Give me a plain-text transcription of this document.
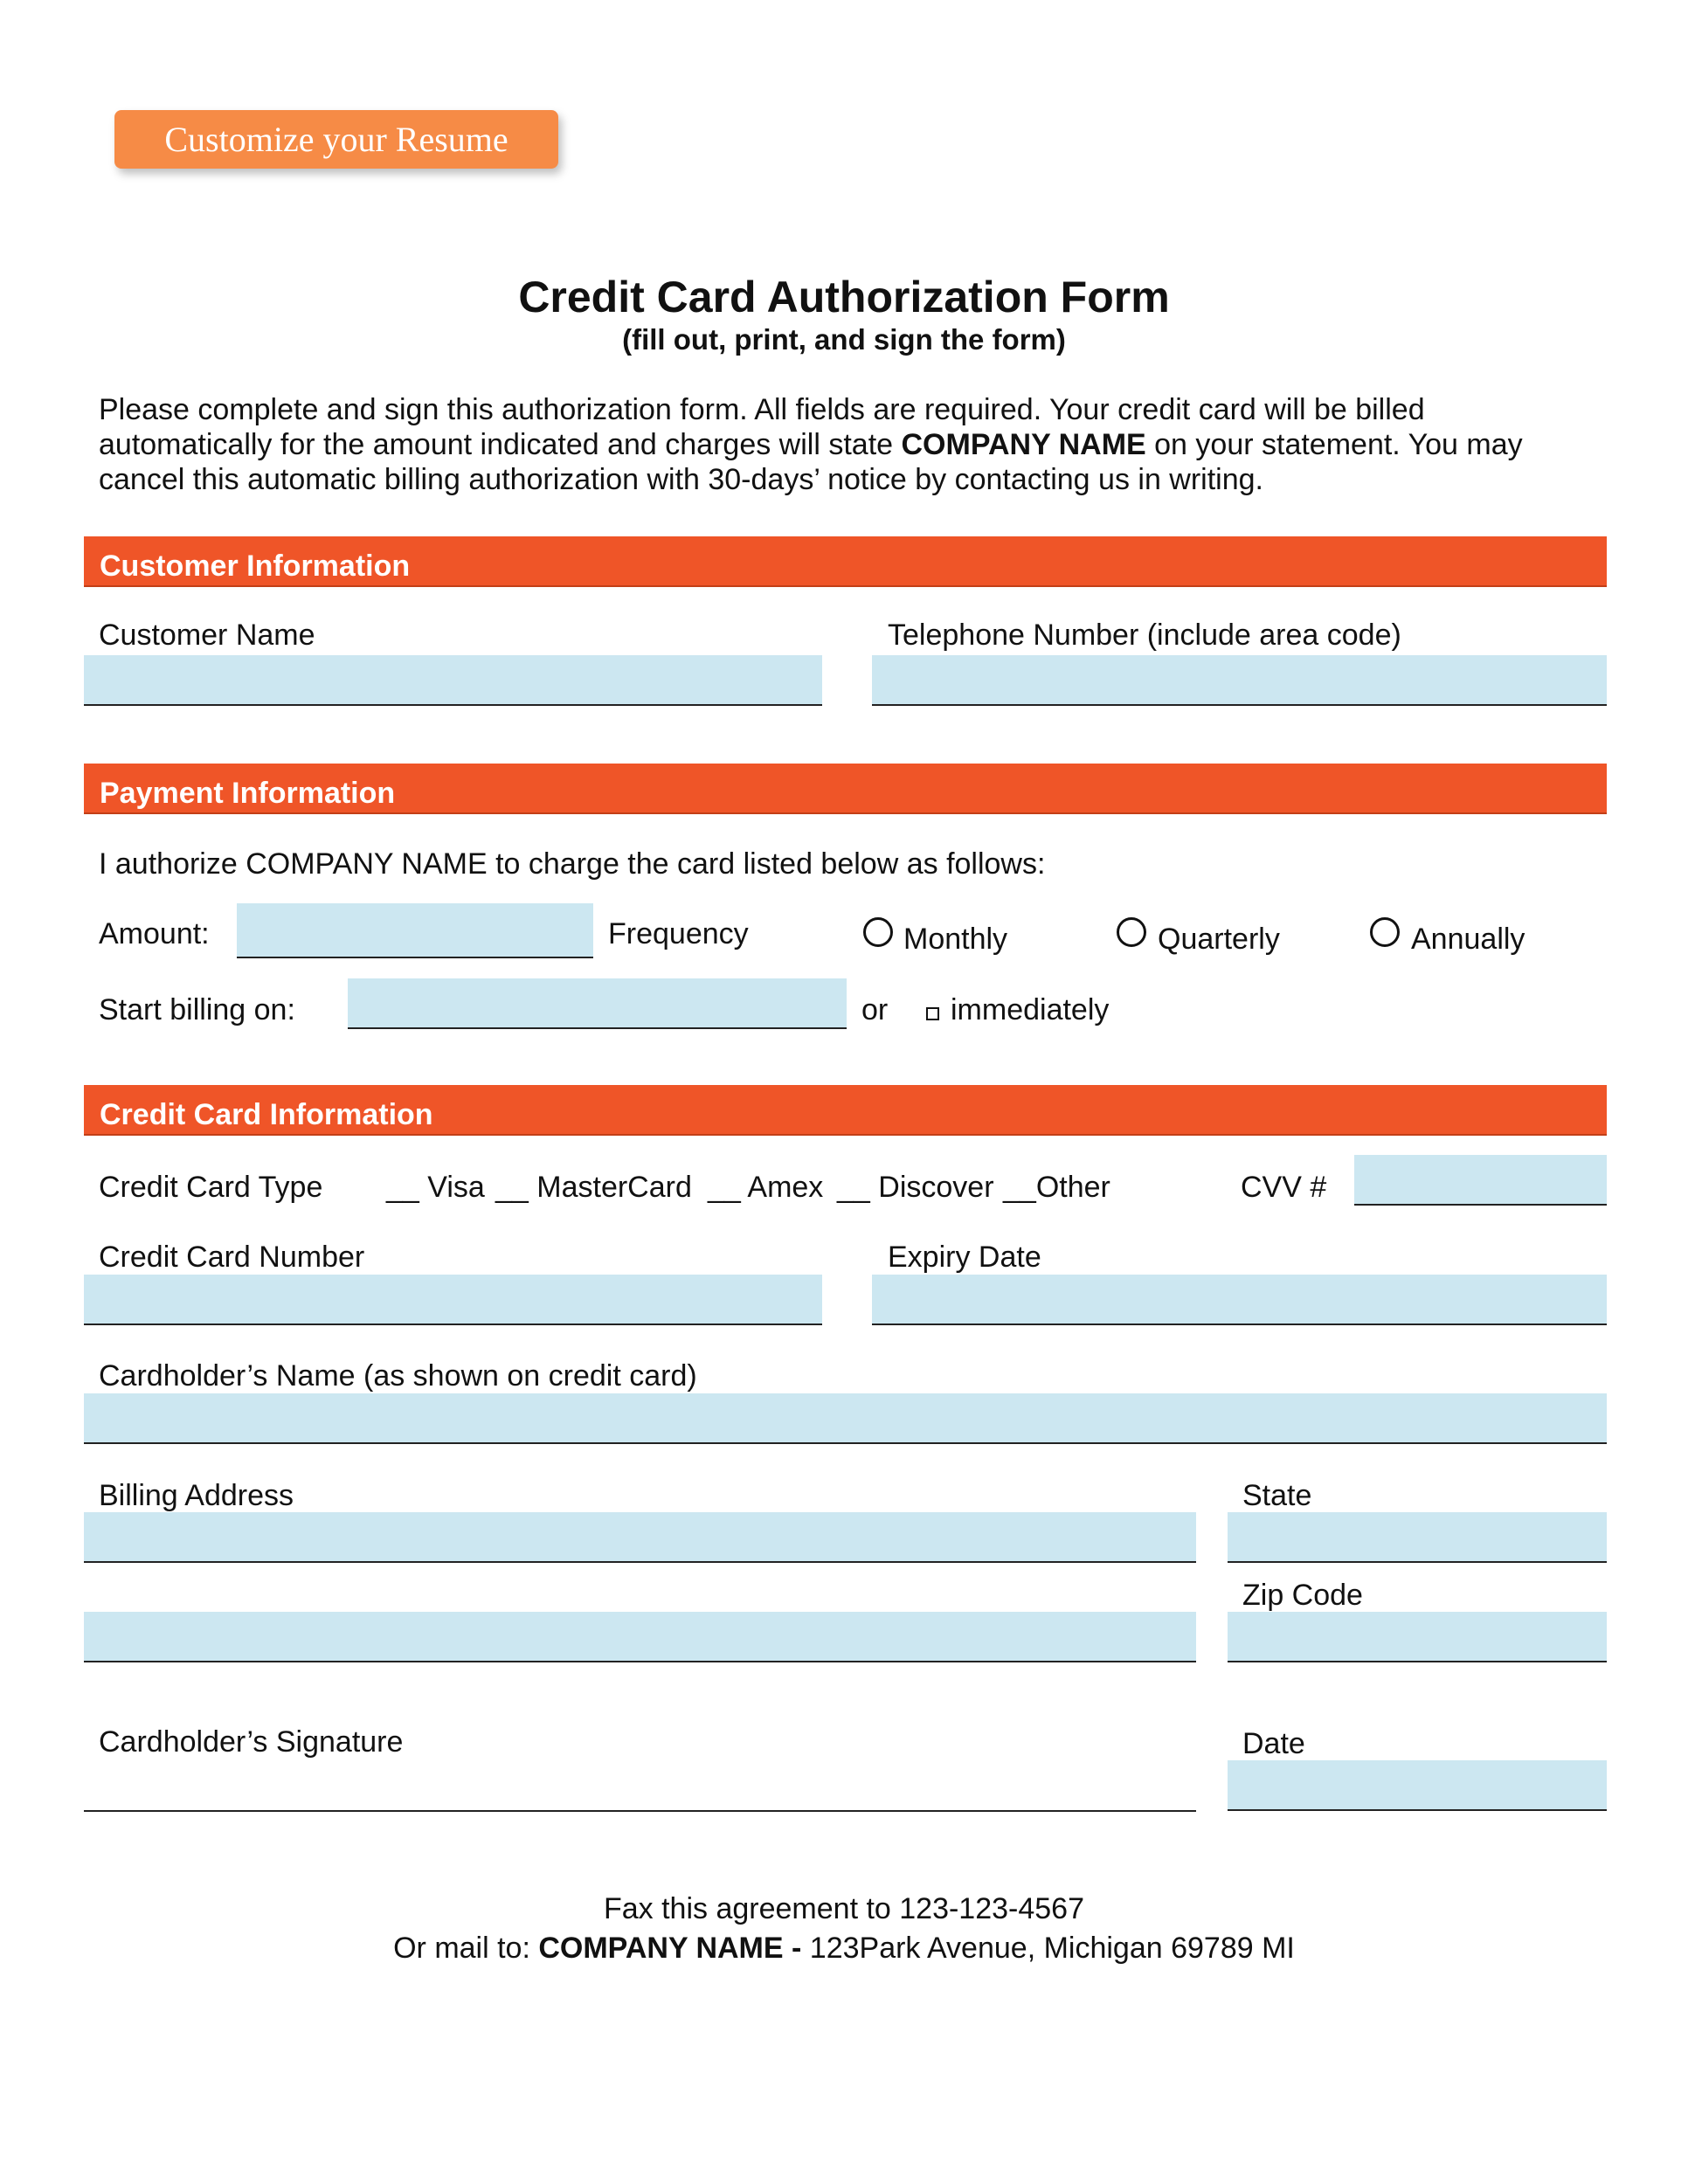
Customize your Resume
Credit Card Authorization Form
(fill out, print, and sign the form)

Please complete and sign this authorization form. All fields are required. Your credit card will be billed

automatically for the amount indicated and charges will state COMPANY NAME on your statement. You may

cancel this automatic billing authorization with 30-days’ notice by contacting us in writing.

Customer Information
Customer Name	Telephone Number (include area code)
Payment Information
I authorize COMPANY NAME to charge the card listed below as follows:
Amount:	Frequency	Monthly	Quarterly	Annually
Start billing on:	or immediately
Credit Card Information
Credit Card Type __ Visa __ MasterCard __ Amex __ Discover __Other	CVV #
Credit Card Number	Expiry Date
Cardholder’s Name (as shown on credit card)
Billing Address	State
Zip Code
Cardholder’s Signature	Date
Fax this agreement to 123-123-4567
Or mail to: COMPANY NAME - 123Park Avenue, Michigan 69789 MI
